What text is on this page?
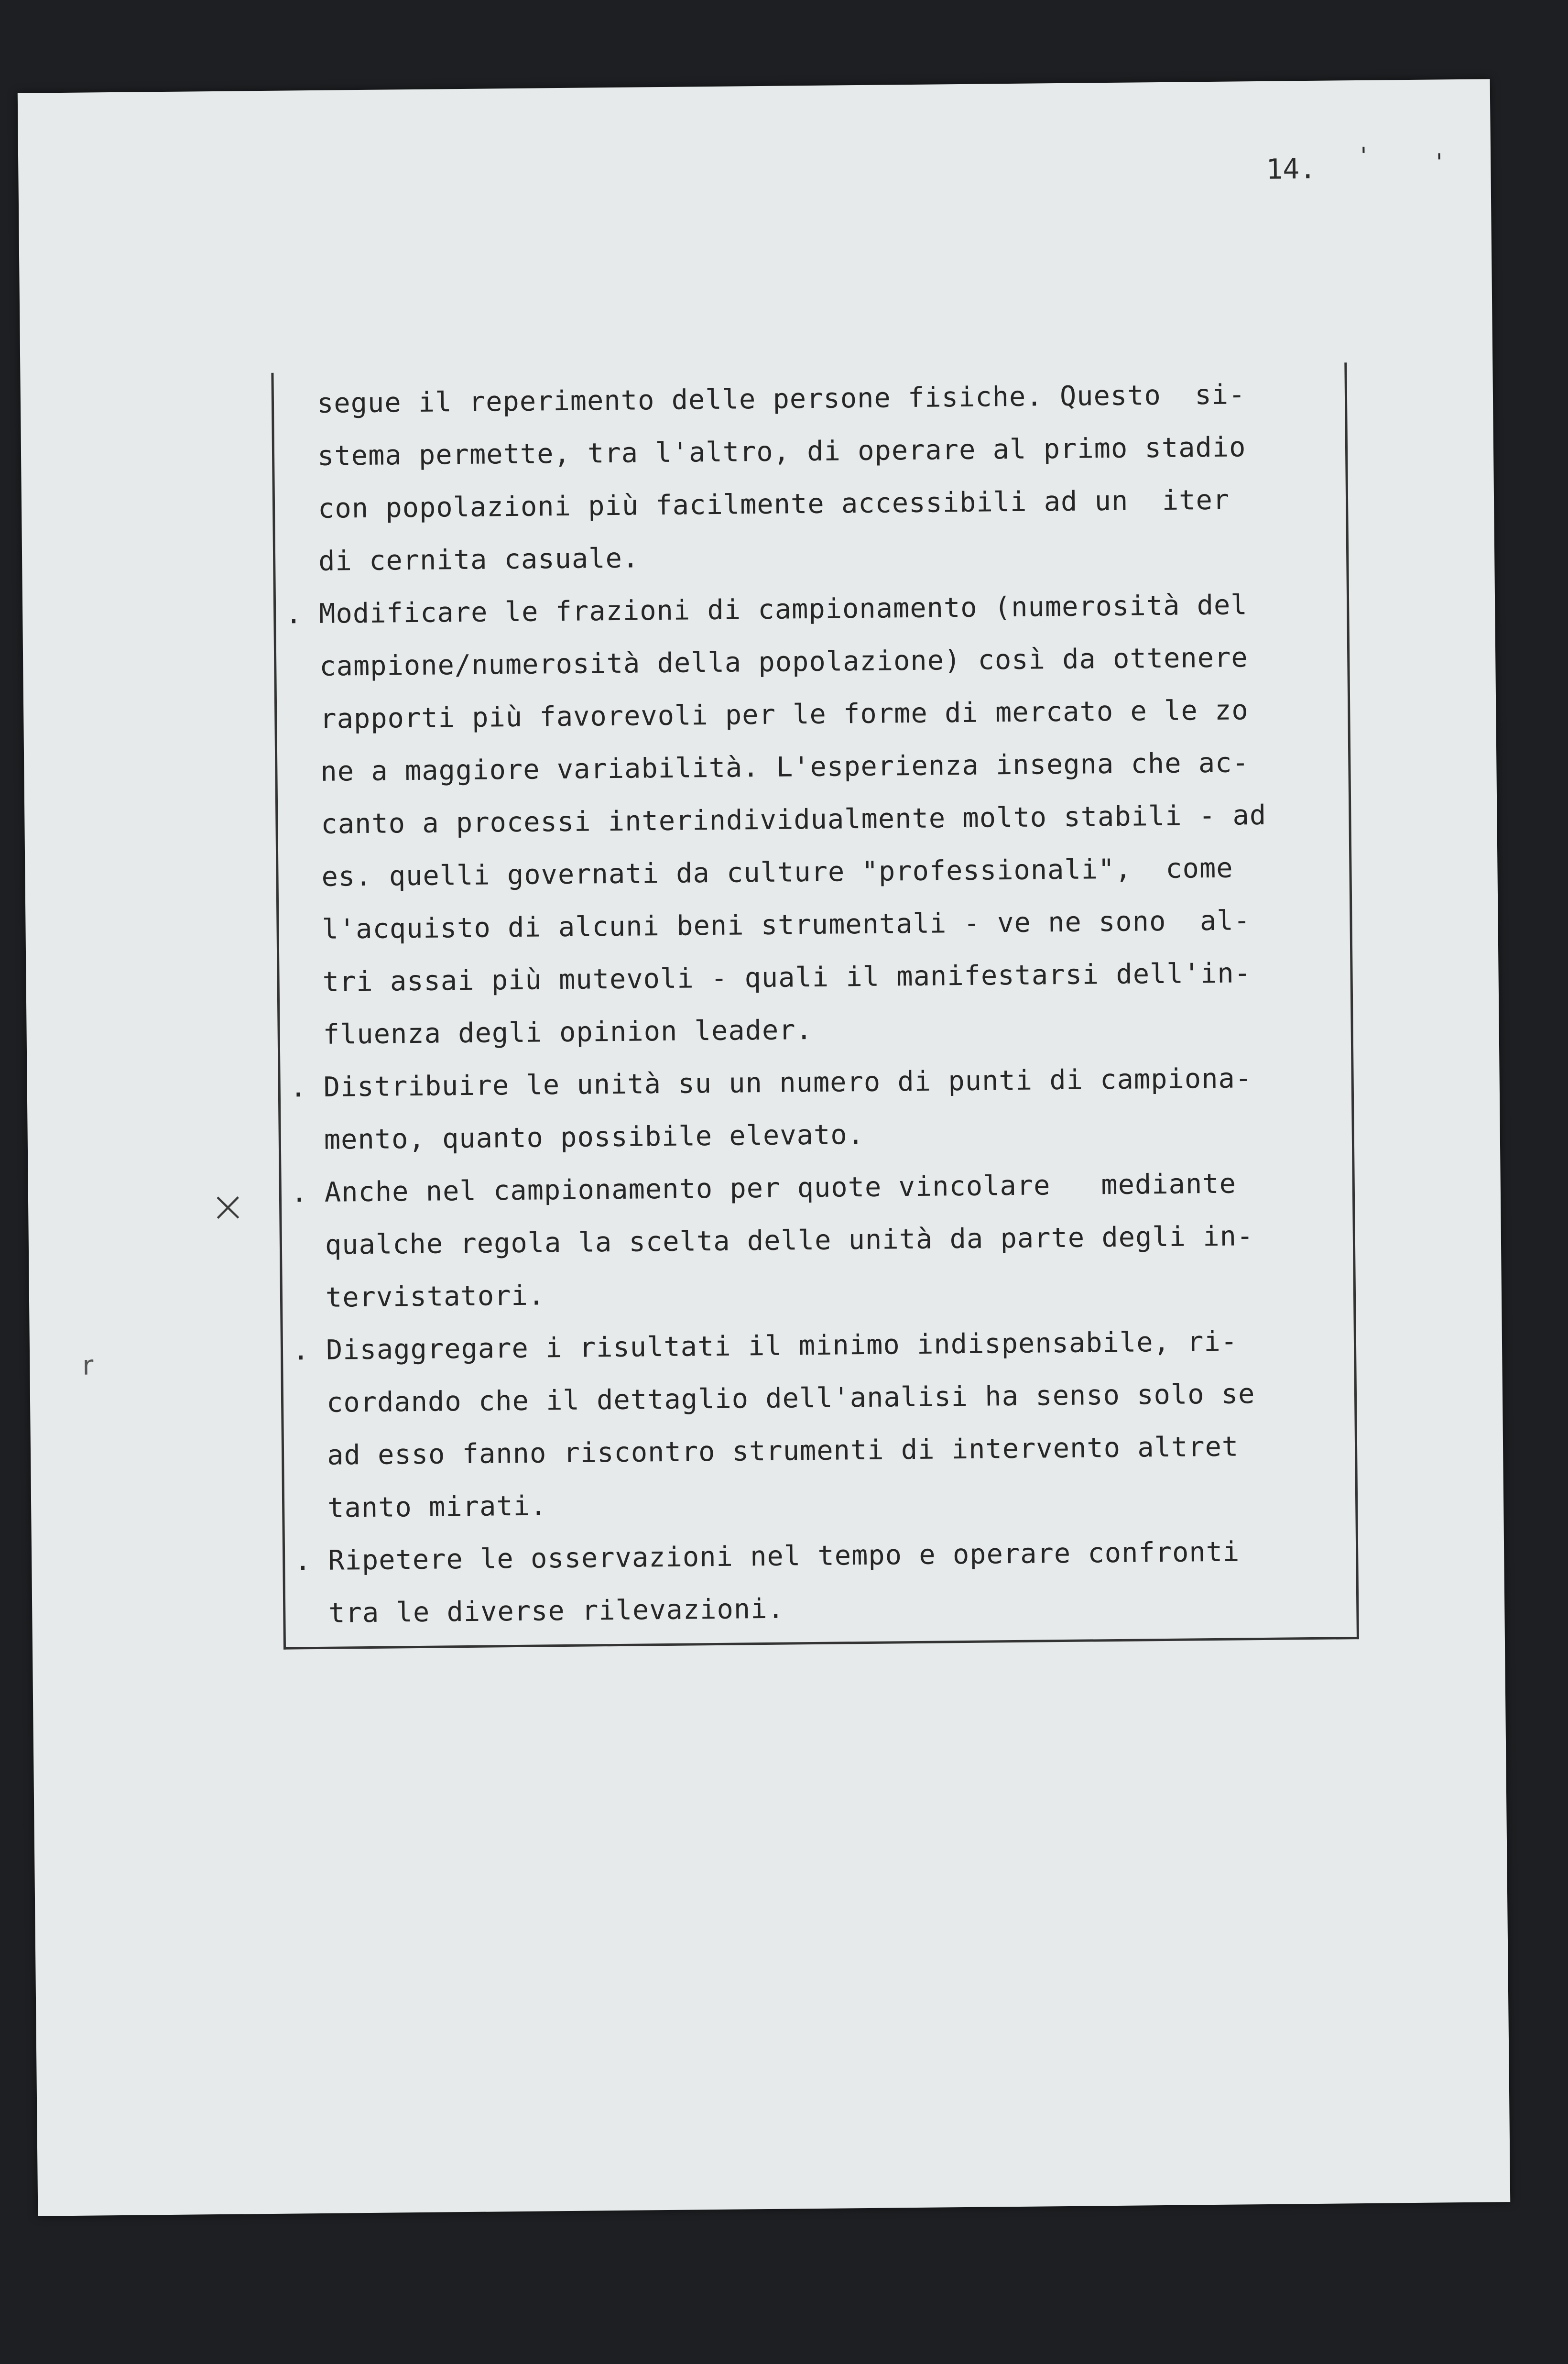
'	'
14.
×
r
segue il reperimento delle persone fisiche. Questo  si-
stema permette, tra l'altro, di operare al primo stadio
con popolazioni più facilmente accessibili ad un  iter
di cernita casuale.
. Modificare le frazioni di campionamento (numerosità del
campione/numerosità della popolazione) così da ottenere
rapporti più favorevoli per le forme di mercato e le zo
ne a maggiore variabilità. L'esperienza insegna che ac-
canto a processi interindividualmente molto stabili - ad
es. quelli governati da culture "professionali",  come
l'acquisto di alcuni beni strumentali - ve ne sono  al-
tri assai più mutevoli - quali il manifestarsi dell'in-
fluenza degli opinion leader.
. Distribuire le unità su un numero di punti di campiona-
mento, quanto possibile elevato.
. Anche nel campionamento per quote vincolare   mediante
qualche regola la scelta delle unità da parte degli in-
tervistatori.
. Disaggregare i risultati il minimo indispensabile, ri-
cordando che il dettaglio dell'analisi ha senso solo se
ad esso fanno riscontro strumenti di intervento altret
tanto mirati.
. Ripetere le osservazioni nel tempo e operare confronti
tra le diverse rilevazioni.
